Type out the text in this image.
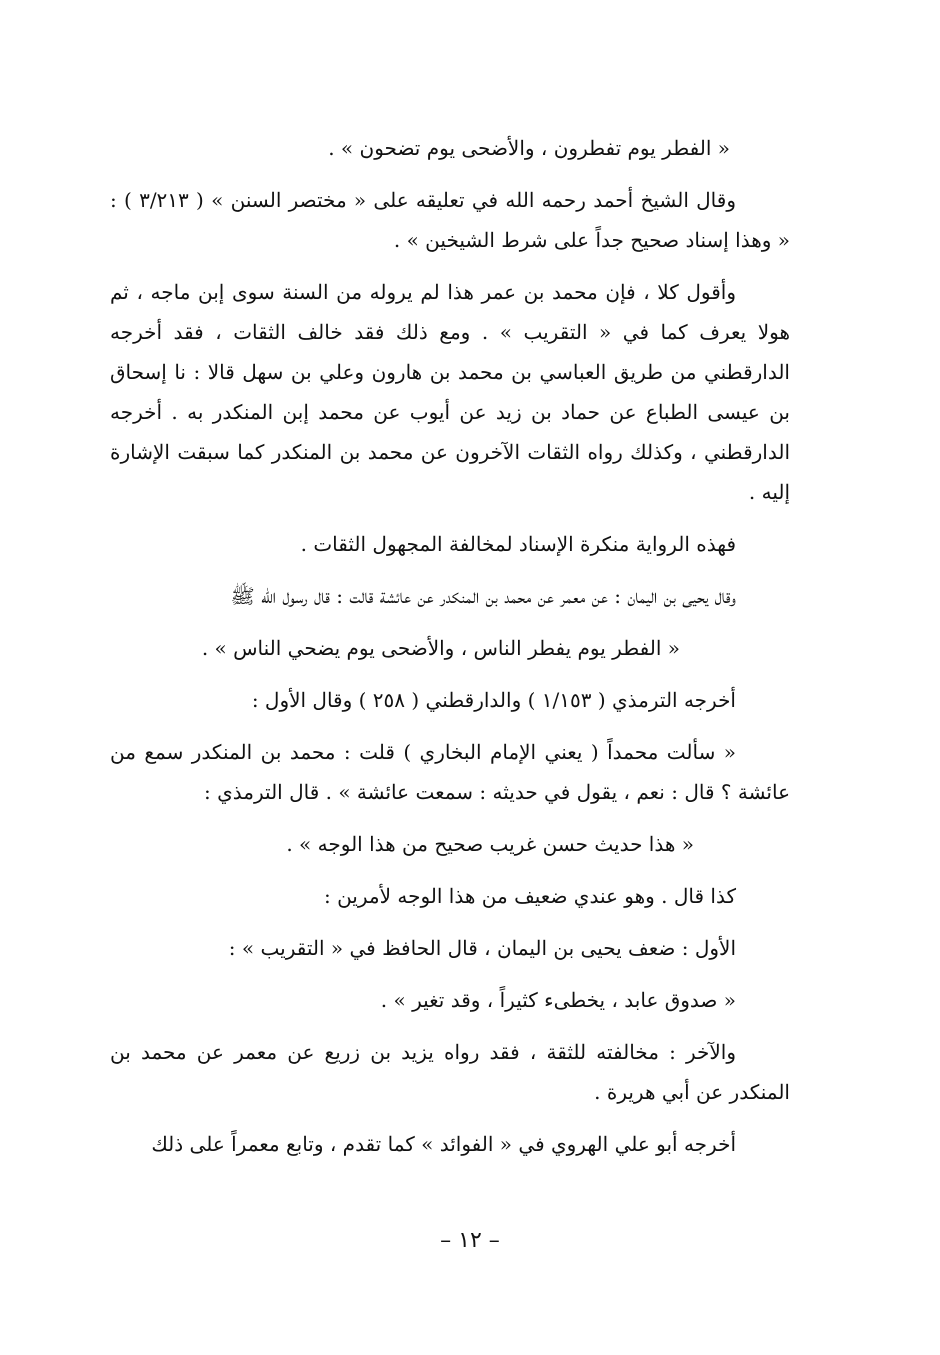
« الفطر يوم تفطرون ، والأضحى يوم تضحون » .

وقال الشيخ أحمد رحمه الله في تعليقه على « مختصر السنن » ( ٣/٢١٣ ) : « وهذا إسناد صحيح جداً على شرط الشيخين » .

وأقول كلا ، فإن محمد بن عمر هذا لم يروله من السنة سوى إبن ماجه ، ثم هولا يعرف كما في « التقريب » . ومع ذلك فقد خالف الثقات ، فقد أخرجه الدارقطني من طريق العباسي بن محمد بن هارون وعلي بن سهل قالا : نا إسحاق بن عيسى الطباع عن حماد بن زيد عن أيوب عن محمد إبن المنكدر به . أخرجه الدارقطني ، وكذلك رواه الثقات الآخرون عن محمد بن المنكدر كما سبقت الإشارة إليه .

فهذه الرواية منكرة الإسناد لمخالفة المجهول الثقات .

وقال يحيى بن اليمان : عن معمر عن محمد بن المنكدر عن عائشة قالت : قال رسول الله ﷺ

« الفطر يوم يفطر الناس ، والأضحى يوم يضحي الناس » .

أخرجه الترمذي ( ١/١٥٣ ) والدارقطني ( ٢٥٨ ) وقال الأول :

« سألت محمداً ( يعني الإمام البخاري ) قلت : محمد بن المنكدر سمع من عائشة ؟ قال : نعم ، يقول في حديثه : سمعت عائشة » . قال الترمذي :

« هذا حديث حسن غريب صحيح من هذا الوجه » .

كذا قال . وهو عندي ضعيف من هذا الوجه لأمرين :

الأول : ضعف يحيى بن اليمان ، قال الحافظ في « التقريب » :

« صدوق عابد ، يخطىء كثيراً ، وقد تغير » .

والآخر : مخالفته للثقة ، فقد رواه يزيد بن زريع عن معمر عن محمد بن المنكدر عن أبي هريرة .

أخرجه أبو علي الهروي في « الفوائد » كما تقدم ، وتابع معمراً على ذلك

– ١٢ –
